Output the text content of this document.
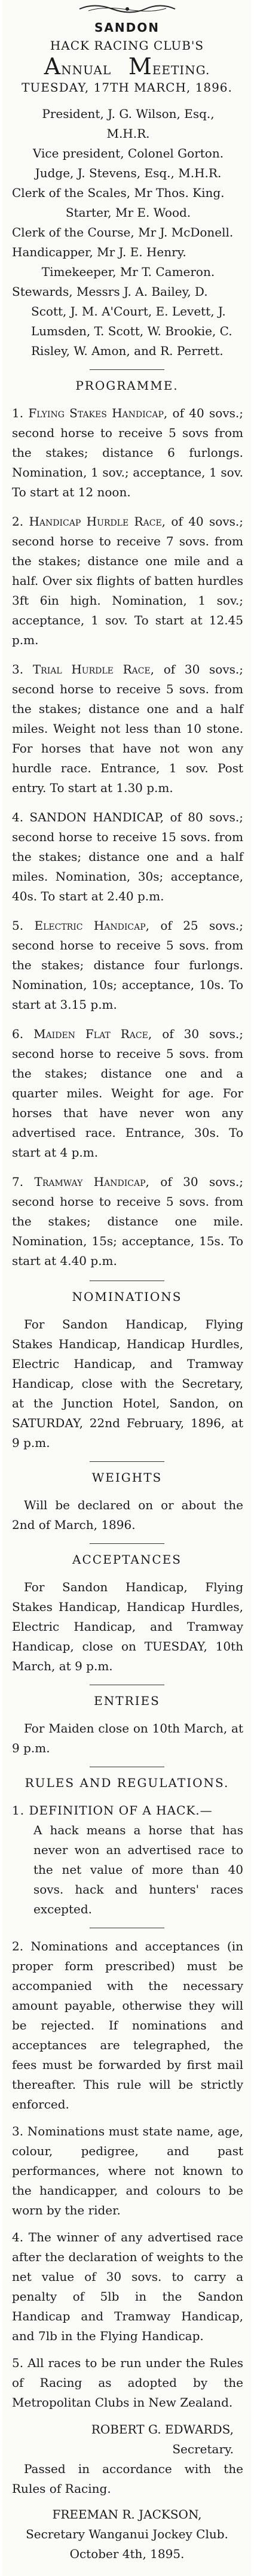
SANDON
HACK RACING CLUB'S
ANNUAL MEETING.
TUESDAY, 17TH MARCH, 1896.

President, J. G. Wilson, Esq.,

M.H.R.

Vice president, Colonel Gorton.

Judge, J. Stevens, Esq., M.H.R.

Clerk of the Scales, Mr Thos. King.

Starter, Mr E. Wood.

Clerk of the Course, Mr J. McDonell.

Handicapper, Mr J. E. Henry.

Timekeeper, Mr T. Cameron.

Stewards, Messrs J. A. Bailey, D. Scott, J. M. A'Court, E. Levett, J. Lumsden, T. Scott, W. Brookie, C. Risley, W. Amon, and R. Perrett.

PROGRAMME.
1. Flying Stakes Handicap, of 40 sovs.; second horse to receive 5 sovs from the stakes; distance 6 furlongs. Nomination, 1 sov.; acceptance, 1 sov. To start at 12 noon.
2. Handicap Hurdle Race, of 40 sovs.; second horse to receive 7 sovs. from the stakes; distance one mile and a half. Over six flights of batten hurdles 3ft 6in high. Nomination, 1 sov.; acceptance, 1 sov. To start at 12.45 p.m.
3. Trial Hurdle Race, of 30 sovs.; second horse to receive 5 sovs. from the stakes; distance one and a half miles. Weight not less than 10 stone. For horses that have not won any hurdle race. Entrance, 1 sov. Post entry. To start at 1.30 p.m.
4. SANDON HANDICAP, of 80 sovs.; second horse to receive 15 sovs. from the stakes; distance one and a half miles. Nomination, 30s; acceptance, 40s. To start at 2.40 p.m.
5. Electric Handicap, of 25 sovs.; second horse to receive 5 sovs. from the stakes; distance four furlongs. Nomination, 10s; acceptance, 10s. To start at 3.15 p.m.
6. Maiden Flat Race, of 30 sovs.; second horse to receive 5 sovs. from the stakes; distance one and a quarter miles. Weight for age. For horses that have never won any advertised race. Entrance, 30s. To start at 4 p.m.
7. Tramway Handicap, of 30 sovs.; second horse to receive 5 sovs. from the stakes; distance one mile. Nomination, 15s; acceptance, 15s. To start at 4.40 p.m.
NOMINATIONS

For Sandon Handicap, Flying Stakes Handicap, Handicap Hurdles, Electric Handicap, and Tramway Handicap, close with the Secretary, at the Junction Hotel, Sandon, on SATURDAY, 22nd February, 1896, at 9 p.m.

WEIGHTS

Will be declared on or about the 2nd of March, 1896.

ACCEPTANCES

For Sandon Handicap, Flying Stakes Handicap, Handicap Hurdles, Electric Handicap, and Tramway Handicap, close on TUESDAY, 10th March, at 9 p.m.

ENTRIES

For Maiden close on 10th March, at 9 p.m.

RULES AND REGULATIONS.
1. DEFINITION OF A HACK.—
A hack means a horse that has never won an advertised race to the net value of more than 40 sovs. hack and hunters' races excepted.
2. Nominations and acceptances (in proper form prescribed) must be accompanied with the necessary amount payable, otherwise they will be rejected. If nominations and acceptances are telegraphed, the fees must be forwarded by first mail thereafter. This rule will be strictly enforced.
3. Nominations must state name, age, colour, pedigree, and past performances, where not known to the handicapper, and colours to be worn by the rider.
4. The winner of any advertised race after the declaration of weights to the net value of 30 sovs. to carry a penalty of 5lb in the Sandon Handicap and Tramway Handicap, and 7lb in the Flying Handicap.
5. All races to be run under the Rules of Racing as adopted by the Metropolitan Clubs in New Zealand.
ROBERT G. EDWARDS,
Secretary.

Passed in accordance with the Rules of Racing.

FREEMAN R. JACKSON,
Secretary Wanganui Jockey Club.
October 4th, 1895.
